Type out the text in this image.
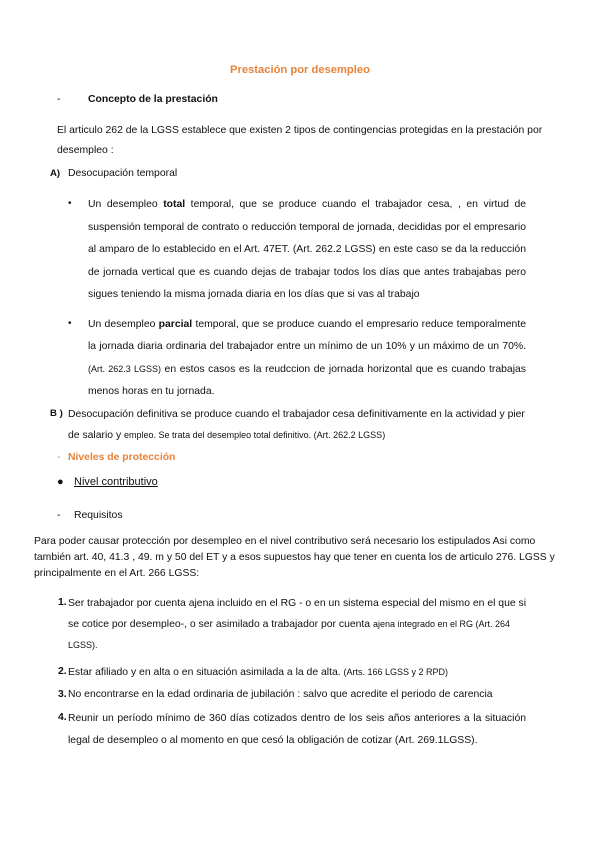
Prestación por desempleo
-	Concepto de la prestación
El articulo 262 de la LGSS establece que existen 2 tipos de contingencias protegidas en la prestación por desempleo :
A) Desocupación temporal
• Un desempleo total temporal, que se produce cuando el trabajador cesa, , en virtud de suspensión temporal de contrato o reducción temporal de jornada, decididas por el empresario al amparo de lo establecido en el Art. 47ET. (Art. 262.2 LGSS) en este caso se da la reducción de jornada vertical que es cuando dejas de trabajar todos los días que antes trabajabas pero sigues teniendo la misma jornada diaria en los días que si vas al trabajo
• Un desempleo parcial temporal, que se produce cuando el empresario reduce temporalmente la jornada diaria ordinaria del trabajador entre un mínimo de un 10% y un máximo de un 70%. (Art. 262.3 LGSS) en estos casos es la reudccion de jornada horizontal que es cuando trabajas menos horas en tu jornada.
B ) Desocupación definitiva se produce cuando el trabajador cesa definitivamente en la actividad y pier de salario y empleo. Se trata del desempleo total definitivo. (Art. 262.2 LGSS)
- Niveles de protección
● Nivel contributivo
- Requisitos
Para poder causar protección por desempleo en el nivel contributivo será necesario los estipulados Asi como también art. 40, 41.3 , 49. m y 50 del ET y a esos supuestos hay que tener en cuenta los de articulo 276. LGSS y principalmente en el Art. 266 LGSS:
1. Ser trabajador por cuenta ajena incluido en el RG - o en un sistema especial del mismo en el que si se cotice por desempleo-, o ser asimilado a trabajador por cuenta ajena integrado en el RG (Art. 264 LGSS).
2. Estar afiliado y en alta o en situación asimilada a la de alta. (Arts. 166 LGSS y 2 RPD)
3. No encontrarse en la edad ordinaria de jubilación : salvo que acredite el periodo de carencia
4. Reunir un período mínimo de 360 días cotizados dentro de los seis años anteriores a la situación legal de desempleo o al momento en que cesó la obligación de cotizar (Art. 269.1LGSS).
